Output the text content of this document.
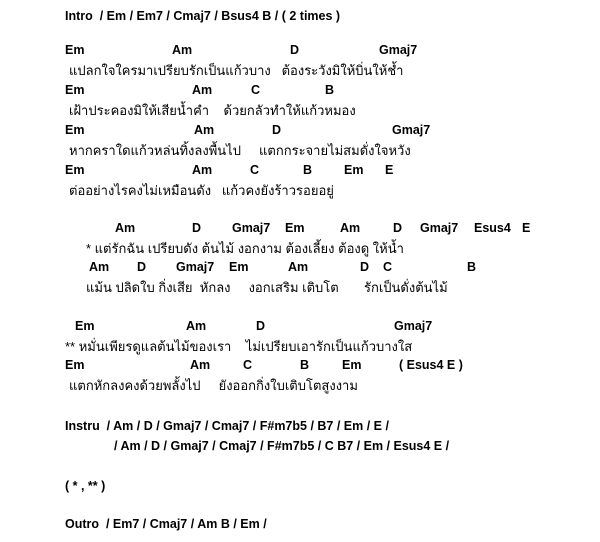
Intro  / Em / Em7 / Cmaj7 / Bsus4 B / ( 2 times )

Em

	Am

	D

	Gmaj7

แปลกใจใครมาเปรียบรักเป็นแก้วบาง   ต้องระวังมิให้บิ่นให้ช้ำ

Em

	Am

	C

	B

เฝ้าประคองมิให้เสียน้ำคำ    ด้วยกลัวทำให้แก้วหมอง

Em

	Am

	D

	Gmaj7

หากคราใดแก้วหล่นทิ้งลงพื้นไป     แตกกระจายไม่สมดั่งใจหวัง

Em

	Am

	C

	B

	Em

E

ต่ออย่างไรคงไม่เหมือนดัง   แก้วคงยังร้าวรอยอยู่

Am

	D

Gmaj7

Em

	Am

	D

Gmaj7

Esus4

E

* แต่รักฉัน เปรียบดัง ต้นไม้ งอกงาม ต้องเลี้ยง ต้องดู ให้น้ำ

Am

D

Gmaj7

Em

	Am

	D

C

	B

แม้น ปลิดใบ กิ่งเสีย  หักลง     งอกเสริม เติบโต       รักเป็นดั่งต้นไม้

Em

	Am

	D

	Gmaj7

** หมั่นเพียรดูแลต้นไม้ของเรา    ไม่เปรียบเอารักเป็นแก้วบางใส

Em

	Am

	C

	B

	Em

	( Esus4 E )

แตกหักลงคงด้วยพลั้งไป     ยังออกกิ่งใบเติบโตสูงงาม
Instru  / Am / D / Gmaj7 / Cmaj7 / F#m7b5 / B7 / Em / E /
/ Am / D / Gmaj7 / Cmaj7 / F#m7b5 / C B7 / Em / Esus4 E /
( * , ** )
Outro  / Em7 / Cmaj7 / Am B / Em /
